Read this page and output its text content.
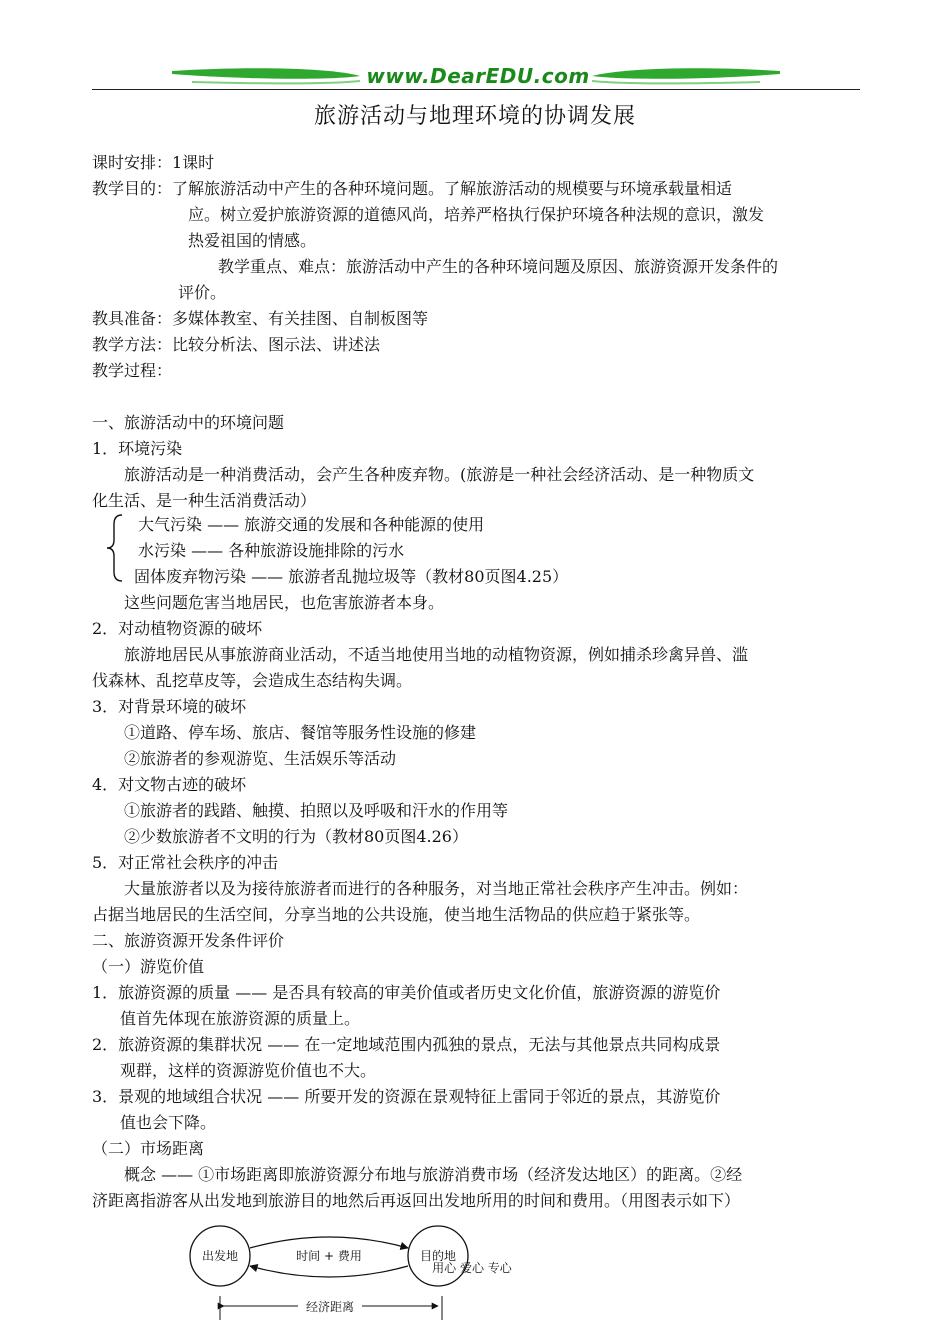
www.DearEDU.com
旅游活动与地理环境的协调发展
课时安排：1课时
教学目的：了解旅游活动中产生的各种环境问题。了解旅游活动的规模要与环境承载量相适
应。树立爱护旅游资源的道德风尚，培养严格执行保护环境各种法规的意识，激发
热爱祖国的情感。
教学重点、难点：旅游活动中产生的各种环境问题及原因、旅游资源开发条件的
评价。
教具准备：多媒体教室、有关挂图、自制板图等
教学方法：比较分析法、图示法、讲述法
教学过程：
一、旅游活动中的环境问题
1．环境污染
旅游活动是一种消费活动，会产生各种废弃物。(旅游是一种社会经济活动、是一种物质文
化生活、是一种生活消费活动）
大气污染 —— 旅游交通的发展和各种能源的使用
水污染 —— 各种旅游设施排除的污水
固体废弃物污染 —— 旅游者乱抛垃圾等（教材80页图4.25）
这些问题危害当地居民，也危害旅游者本身。
2．对动植物资源的破坏
旅游地居民从事旅游商业活动，不适当地使用当地的动植物资源，例如捕杀珍禽异兽、滥
伐森林、乱挖草皮等，会造成生态结构失调。
3．对背景环境的破坏
①道路、停车场、旅店、餐馆等服务性设施的修建
②旅游者的参观游览、生活娱乐等活动
4．对文物古迹的破坏
①旅游者的践踏、触摸、拍照以及呼吸和汗水的作用等
②少数旅游者不文明的行为（教材80页图4.26）
5．对正常社会秩序的冲击
大量旅游者以及为接待旅游者而进行的各种服务，对当地正常社会秩序产生冲击。例如：
占据当地居民的生活空间，分享当地的公共设施，使当地生活物品的供应趋于紧张等。
二、旅游资源开发条件评价
（一）游览价值
1．旅游资源的质量 —— 是否具有较高的审美价值或者历史文化价值，旅游资源的游览价
值首先体现在旅游资源的质量上。
2．旅游资源的集群状况 —— 在一定地域范围内孤独的景点，无法与其他景点共同构成景
观群，这样的资源游览价值也不大。
3．景观的地域组合状况 —— 所要开发的资源在景观特征上雷同于邻近的景点，其游览价
值也会下降。
（二）市场距离
概念 —— ①市场距离即旅游资源分布地与旅游消费市场（经济发达地区）的距离。②经
济距离指游客从出发地到旅游目的地然后再返回出发地所用的时间和费用。（用图表示如下）
出发地	目的地
时间 + 费用
用心 爱心 专心
经济距离
